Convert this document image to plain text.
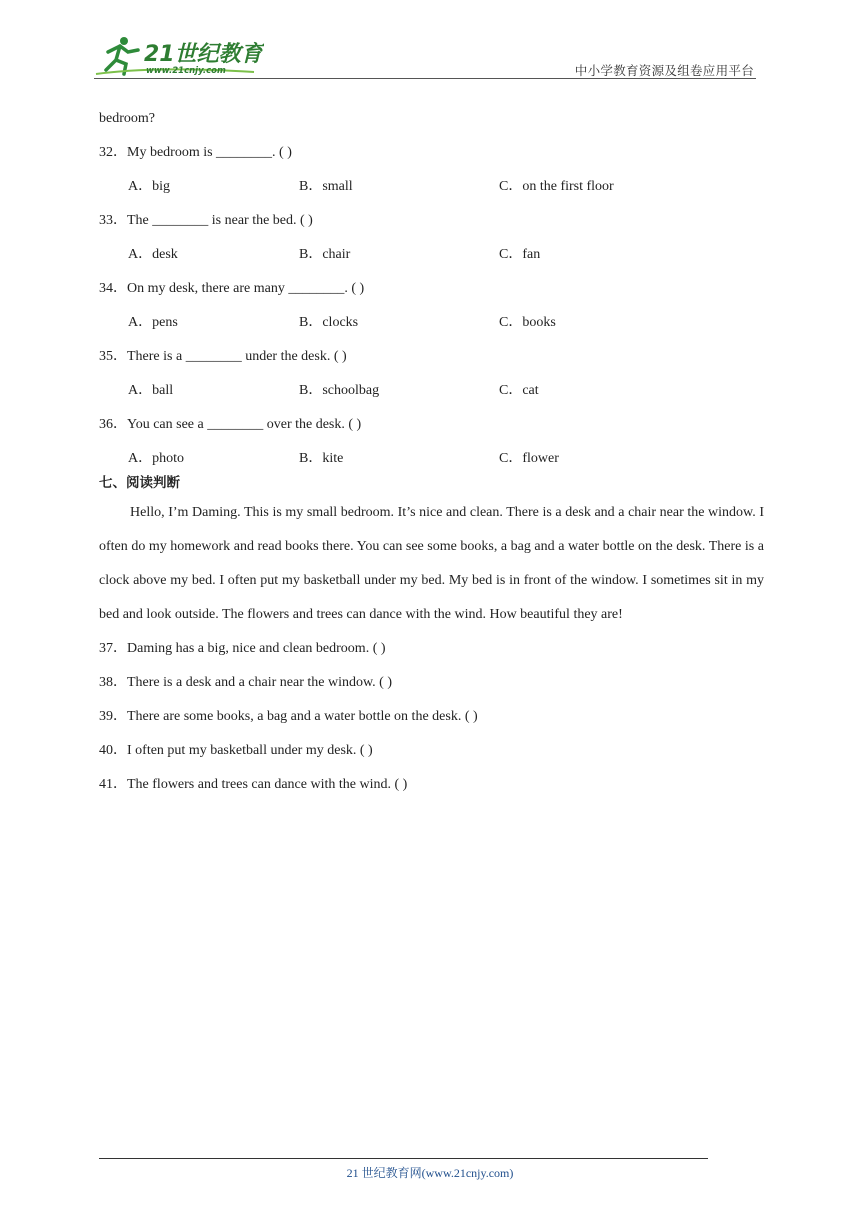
21世纪教育
www.21cnjy.com	中小学教育资源及组卷应用平台
bedroom?
32．My bedroom is ________. ( )
A．big	B．small	C．on the first floor
33．The ________ is near the bed. ( )
A．desk	B．chair	C．fan
34．On my desk, there are many ________. ( )
A．pens	B．clocks	C．books
35．There is a ________ under the desk. ( )
A．ball	B．schoolbag	C．cat
36．You can see a ________ over the desk. ( )
A．photo	B．kite	C．flower
七、阅读判断

Hello, I’m Daming. This is my small bedroom. It’s nice and clean. There is a desk and a chair near the window. I often do my homework and read books there. You can see some books, a bag and a water bottle on the desk. There is a clock above my bed. I often put my basketball under my bed. My bed is in front of the window. I sometimes sit in my bed and look outside. The flowers and trees can dance with the wind. How beautiful they are!

37．Daming has a big, nice and clean bedroom. ( )
38．There is a desk and a chair near the window. ( )
39．There are some books, a bag and a water bottle on the desk. ( )
40．I often put my basketball under my desk. ( )
41．The flowers and trees can dance with the wind. ( )
21 世纪教育网(www.21cnjy.com)
